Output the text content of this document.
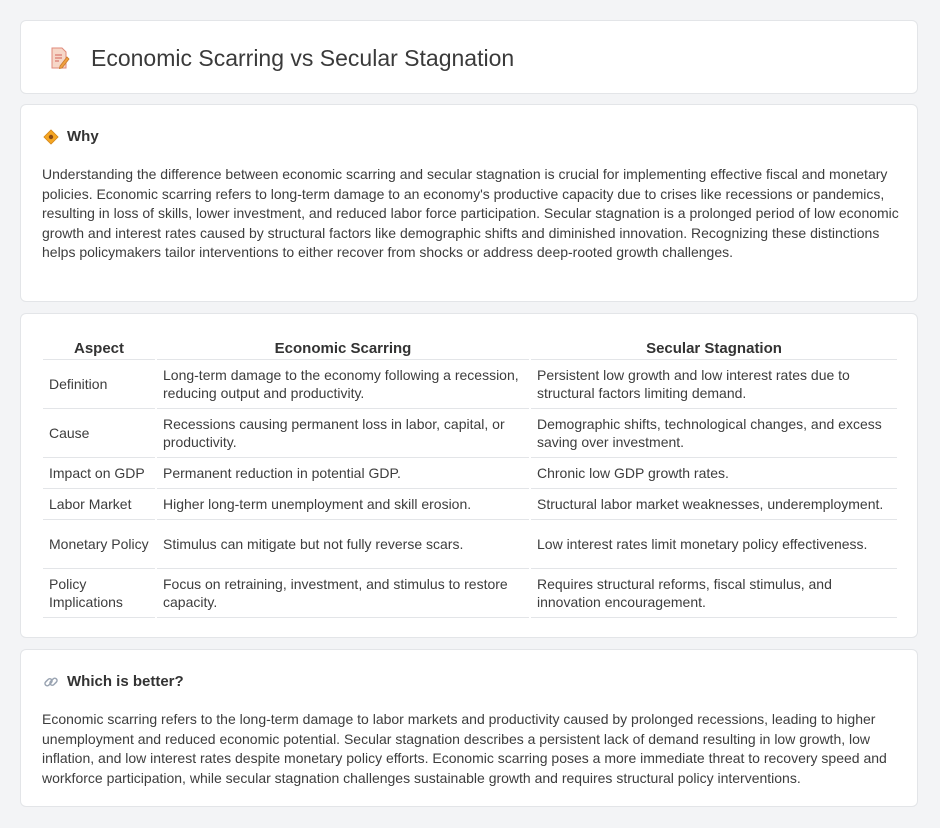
Economic Scarring vs Secular Stagnation
Why

Understanding the difference between economic scarring and secular stagnation is crucial for implementing effective fiscal and monetary policies. Economic scarring refers to long-term damage to an economy's productive capacity due to crises like recessions or pandemics, resulting in loss of skills, lower investment, and reduced labor force participation. Secular stagnation is a prolonged period of low economic growth and interest rates caused by structural factors like demographic shifts and diminished innovation. Recognizing these distinctions helps policymakers tailor interventions to either recover from shocks or address deep-rooted growth challenges.

Aspect	Economic Scarring	Secular Stagnation
Definition	Long-term damage to the economy following a recession, reducing output and productivity.	Persistent low growth and low interest rates due to structural factors limiting demand.
Cause	Recessions causing permanent loss in labor, capital, or productivity.	Demographic shifts, technological changes, and excess saving over investment.
Impact on GDP	Permanent reduction in potential GDP.	Chronic low GDP growth rates.
Labor Market	Higher long-term unemployment and skill erosion.	Structural labor market weaknesses, underemployment.
Monetary Policy	Stimulus can mitigate but not fully reverse scars.	Low interest rates limit monetary policy effectiveness.
Policy Implications	Focus on retraining, investment, and stimulus to restore capacity.	Requires structural reforms, fiscal stimulus, and innovation encouragement.
Which is better?

Economic scarring refers to the long-term damage to labor markets and productivity caused by prolonged recessions, leading to higher unemployment and reduced economic potential. Secular stagnation describes a persistent lack of demand resulting in low growth, low inflation, and low interest rates despite monetary policy efforts. Economic scarring poses a more immediate threat to recovery speed and workforce participation, while secular stagnation challenges sustainable growth and requires structural policy interventions.
